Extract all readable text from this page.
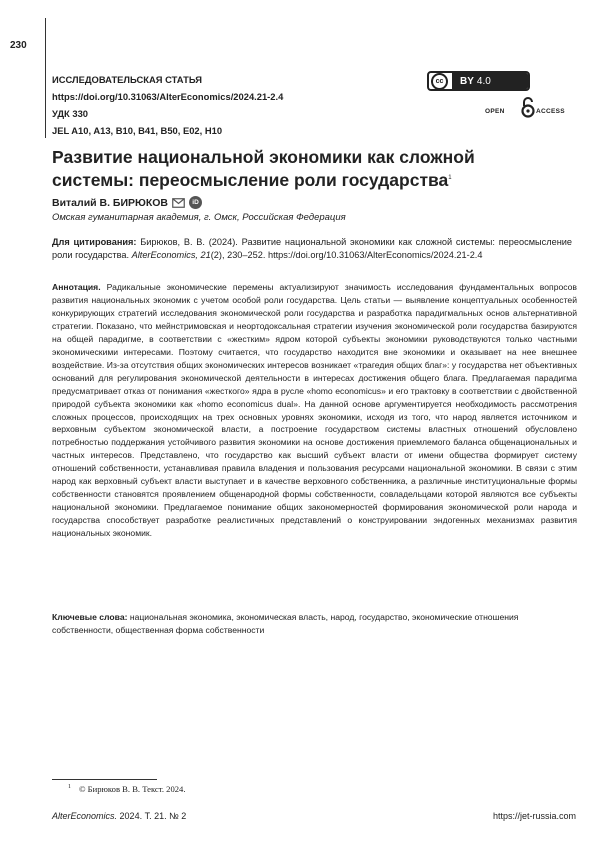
230
ИССЛЕДОВАТЕЛЬСКАЯ СТАТЬЯ
https://doi.org/10.31063/AlterEconomics/2024.21-2.4
УДК 330
JEL A10, A13, B10, B41, B50, E02, H10
cc	BY 4.0
OPEN	ACCESS
Развитие национальной экономики как сложной системы: переосмысление роли государства$^1$
Виталий В. БИРЮКОВ	iD
Омская гуманитарная академия, г. Омск, Российская Федерация
Для цитирования: Бирюков, В. В. (2024). Развитие национальной экономики как сложной системы: переосмысление роли государства. AlterEconomics, 21(2), 230–252. https://doi.org/10.31063/AlterEconomics/2024.21-2.4
Аннотация. Радикальные экономические перемены актуализируют значимость исследования фундаментальных вопросов развития национальных экономик с учетом особой роли государства. Цель статьи — выявление концептуальных особенностей конкурирующих стратегий исследования экономической роли государства и разработка парадигмальных основ альтернативной стратегии. Показано, что мейнстримовская и неортодоксальная стратегии изучения экономической роли государства базируются на общей парадигме, в соответствии с «жестким» ядром которой субъекты экономики руководствуются только частными экономическими интересами. Поэтому считается, что государство находится вне экономики и оказывает на нее внешнее воздействие. Из-за отсутствия общих экономических интересов возникает «трагедия общих благ»: у государства нет объективных оснований для регулирования экономической деятельности в интересах достижения общего блага. Предлагаемая парадигма предусматривает отказ от понимания «жесткого» ядра в русле «homo economicus» и его трактовку в соответствии с двойственной природой субъекта экономики как «homo economicus dual». На данной основе аргументируется необходимость рассмотрения сложных процессов, происходящих на трех основных уровнях экономики, исходя из того, что народ является источником и верховным субъектом экономической власти, а построение государством системы властных отношений обусловлено потребностью поддержания устойчивого развития экономики на основе достижения приемлемого баланса общенациональных и частных интересов. Представлено, что государство как высший субъект власти от имени общества формирует систему отношений собственности, устанавливая правила владения и пользования ресурсами национальной экономики. В связи с этим народ как верховный субъект власти выступает и в качестве верховного собственника, а различные институциональные формы собственности становятся проявлением общенародной формы собственности, совладельцами которой являются все субъекты национальной экономики. Предлагаемое понимание общих закономерностей формирования экономической роли народа и государства способствует разработке реалистичных представлений о конструировании эндогенных механизмах развития национальных экономик.
Ключевые слова: национальная экономика, экономическая власть, народ, государство, экономические отношения собственности, общественная форма собственности
$^1$ © Бирюков В. В. Текст. 2024.
AlterEconomics. 2024. Т. 21. № 2	https://jet-russia.com
